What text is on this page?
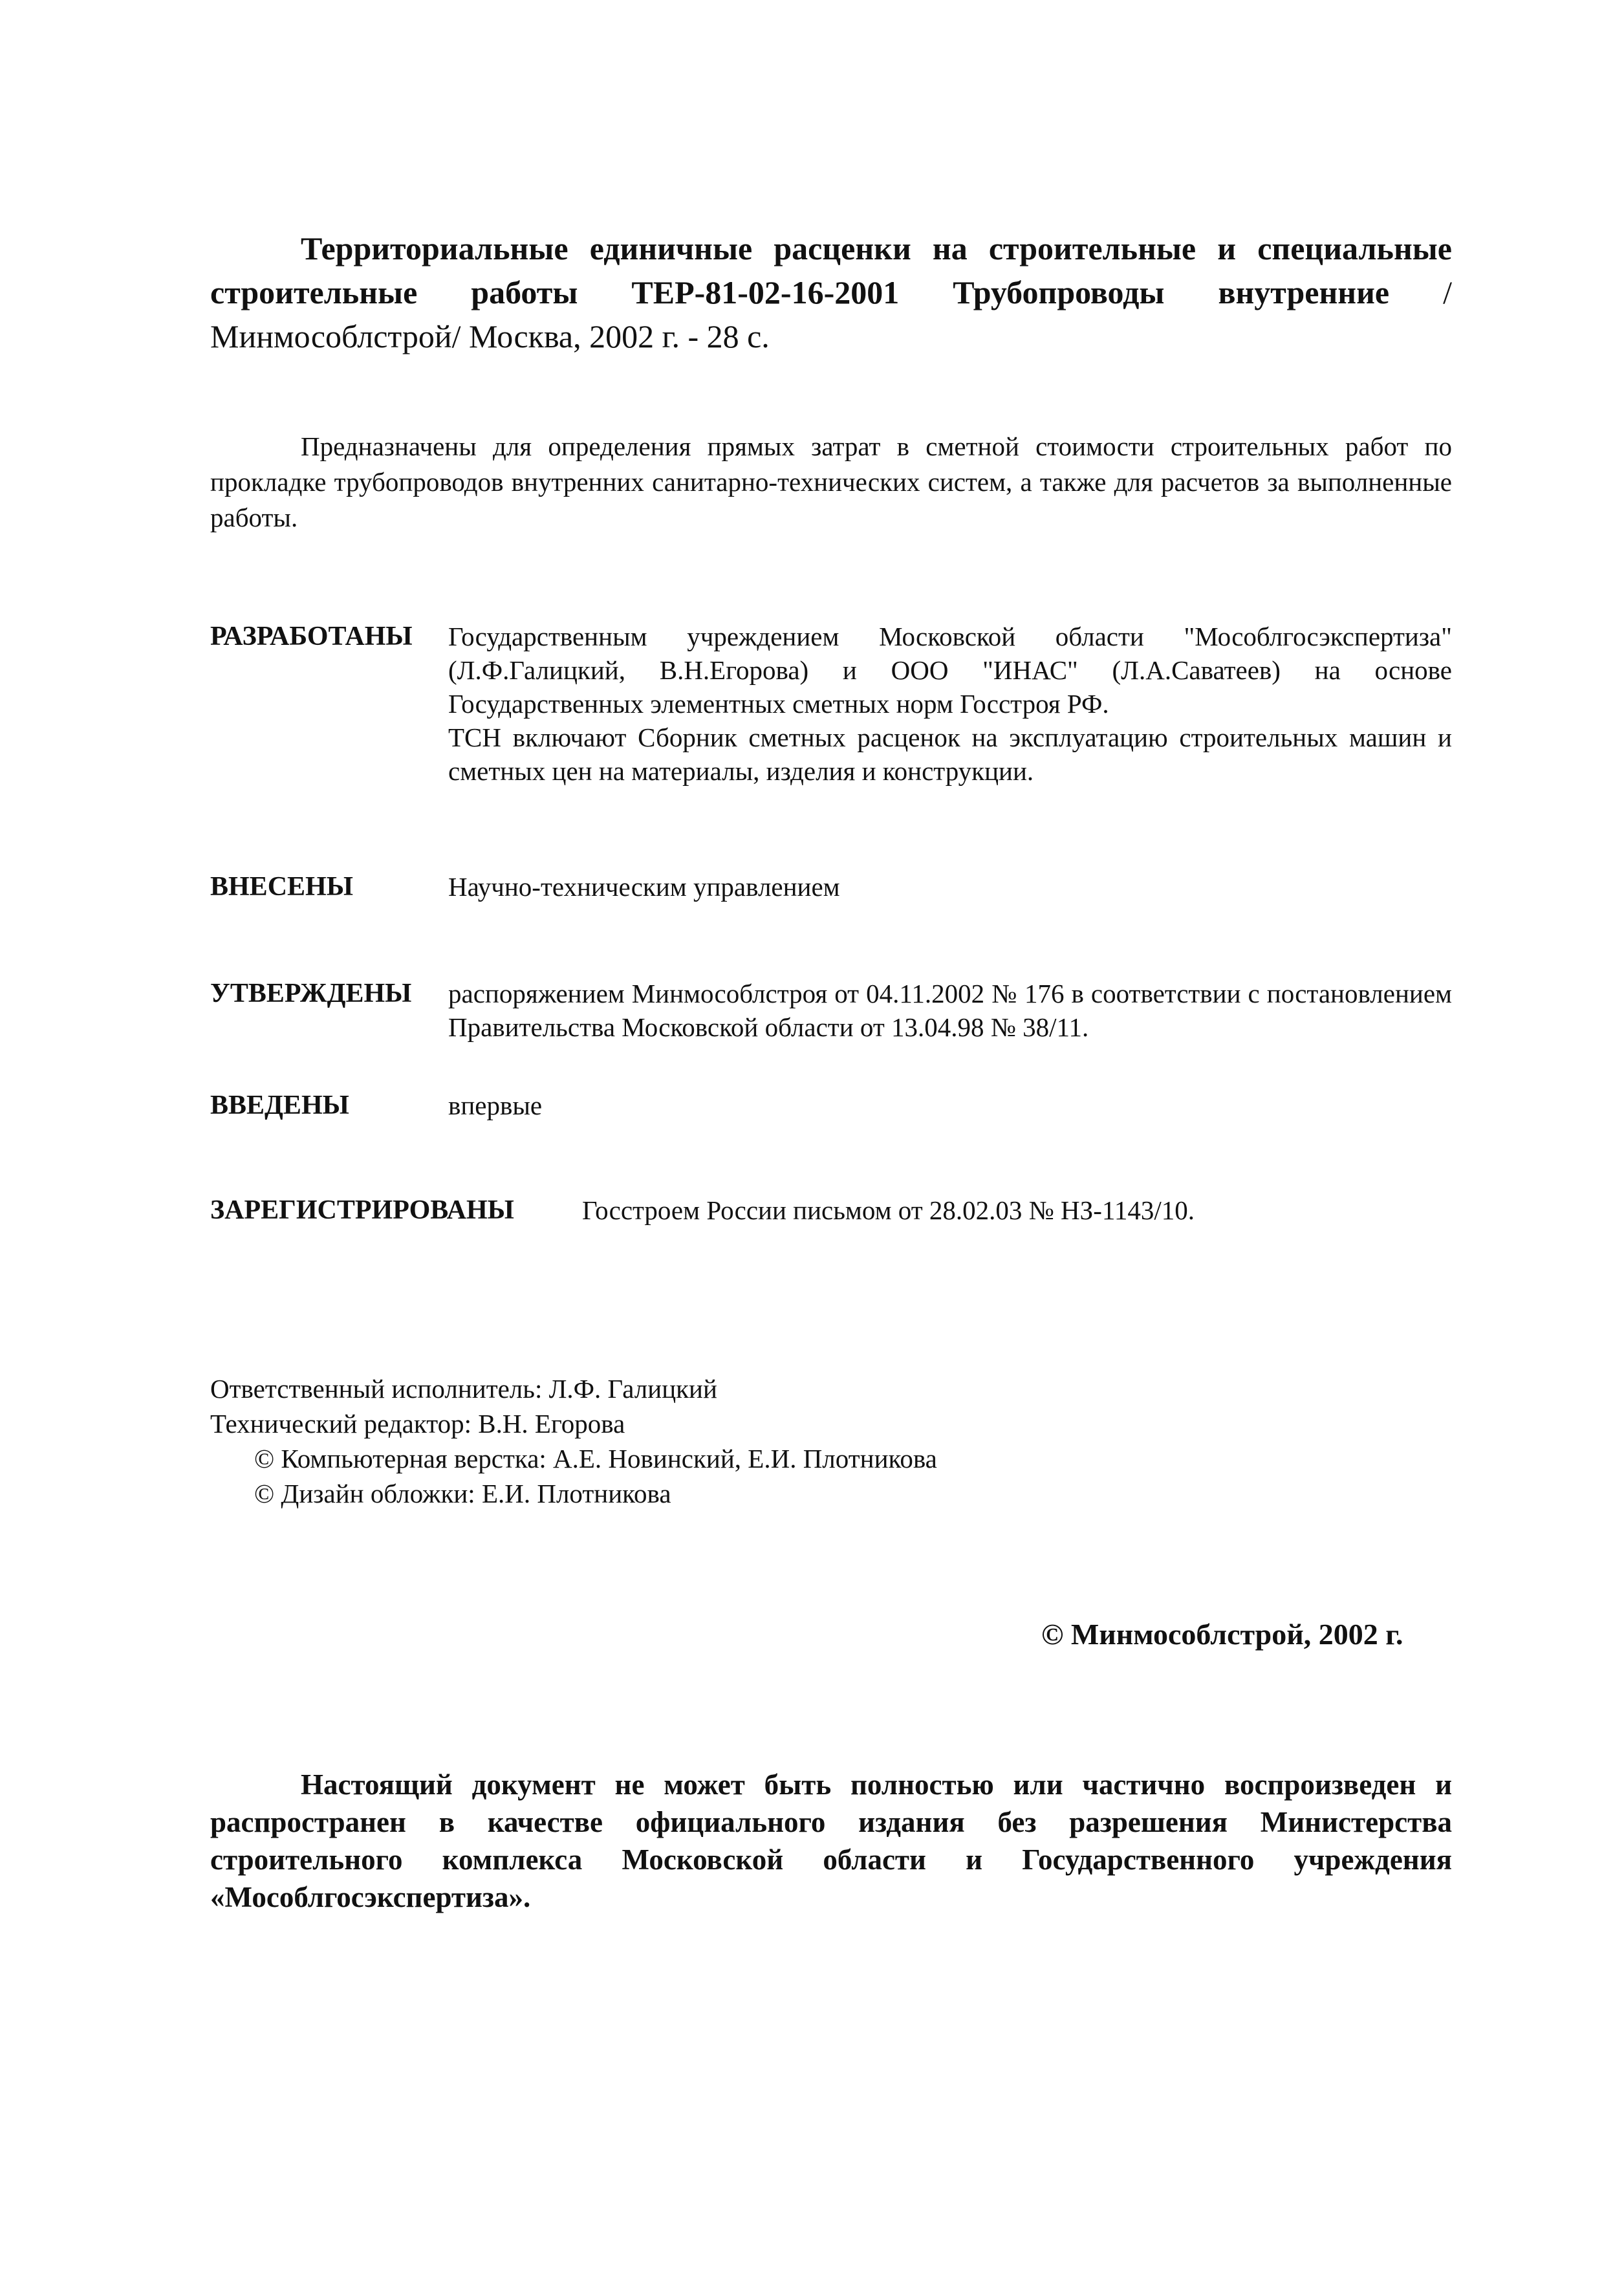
Территориальные единичные расценки на строительные и специальные строительные работы ТЕР-81-02-16-2001 Трубопроводы внутренние /Минмособлстрой/ Москва, 2002 г. - 28 с.
Предназначены для определения прямых затрат в сметной стоимости строительных работ по прокладке трубопроводов внутренних санитарно-технических систем, а также для расчетов за выполненные работы.
РАЗРАБОТАНЫ Государственным учреждением Московской области "Мособлгосэкспертиза" (Л.Ф.Галицкий, В.Н.Егорова) и ООО "ИНАС" (Л.А.Саватеев) на основе Государственных элементных сметных норм Госстроя РФ.
ТСН включают Сборник сметных расценок на эксплуатацию строительных машин и сметных цен на материалы, изделия и конструкции.
ВНЕСЕНЫ	Научно-техническим управлением
УТВЕРЖДЕНЫ распоряжением Минмособлстроя от 04.11.2002 № 176 в соответствии с постановлением Правительства Московской области от 13.04.98 № 38/11.
ВВЕДЕНЫ	впервые
ЗАРЕГИСТРИРОВАНЫ	Госстроем России письмом от 28.02.03 № НЗ-1143/10.
Ответственный исполнитель: Л.Ф. Галицкий
Технический редактор: В.Н. Егорова
© Компьютерная верстка: А.Е. Новинский, Е.И. Плотникова
© Дизайн обложки: Е.И. Плотникова
© Минмособлстрой, 2002 г.
Настоящий документ не может быть полностью или частично воспроизведен и распространен в качестве официального издания без разрешения Министерства строительного комплекса Московской области и Государственного учреждения «Мособлгосэкспертиза».
